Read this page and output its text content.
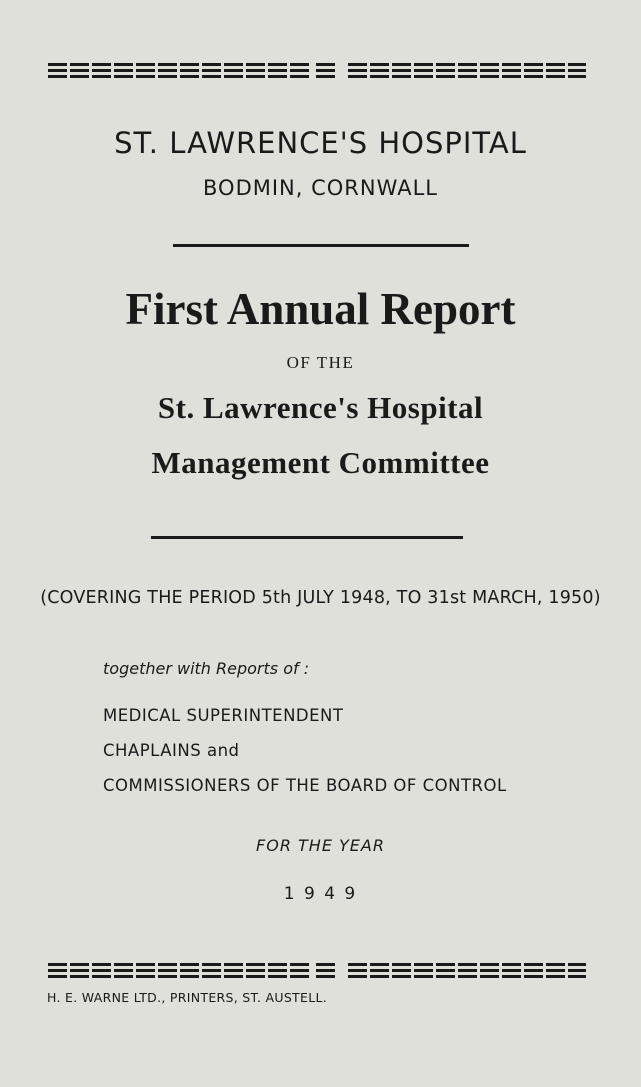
ST. LAWRENCE'S HOSPITAL
BODMIN, CORNWALL
First Annual Report
OF THE
St. Lawrence's Hospital
Management Committee
(COVERING THE PERIOD 5th JULY 1948, TO 31st MARCH, 1950)
together with Reports of :
MEDICAL SUPERINTENDENT
CHAPLAINS and
COMMISSIONERS OF THE BOARD OF CONTROL
FOR THE YEAR
1 9 4 9
H. E. WARNE LTD., PRINTERS, ST. AUSTELL.
